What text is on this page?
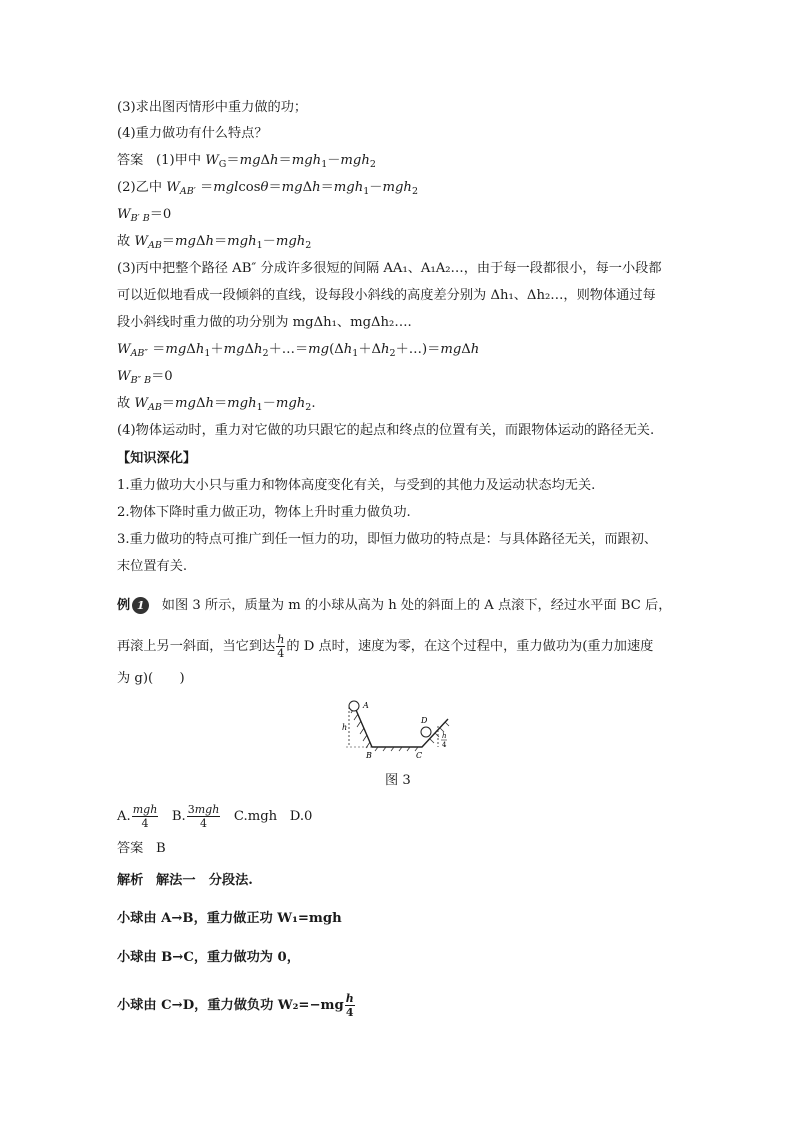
(3)求出图丙情形中重力做的功；
(4)重力做功有什么特点？
答案 (1)甲中 $W_G=mg\Delta h=mgh_1-mgh_2$
(2)乙中 $W_{AB'} =mglcos\theta=mg\Delta h=mgh_1-mgh_2$
$W_{B' B}=0$
故 $W_{AB}=mg\Delta h=mgh_1-mgh_2$
(3)丙中把整个路径 AB″ 分成许多很短的间隔 AA₁、A₁A₂…，由于每一段都很小，每一小段都
可以近似地看成一段倾斜的直线，设每段小斜线的高度差分别为 Δh₁、Δh₂…，则物体通过每
段小斜线时重力做的功分别为 mgΔh₁、mgΔh₂….
$W_{AB''}$ $=mg\Delta h_1+mg\Delta h_2+\dots=mg(\Delta h_1+\Delta h_2+\dots)=mg\Delta h$
$W_{B'' B}=0$
故 $W_{AB}=mg\Delta h=mgh_1-mgh_2$.
(4)物体运动时，重力对它做的功只跟它的起点和终点的位置有关，而跟物体运动的路径无关.
【知识深化】
1.重力做功大小只与重力和物体高度变化有关，与受到的其他力及运动状态均无关.
2.物体下降时重力做正功，物体上升时重力做负功.
3.重力做功的特点可推广到任一恒力的功，即恒力做功的特点是：与具体路径无关，而跟初、
末位置有关.
例 1 如图 3 所示，质量为 m 的小球从高为 h 处的斜面上的 A 点滚下，经过水平面 BC 后，
再滚上另一斜面，当它到达 $\frac{h}{4}$ 的 D 点时，速度为零，在这个过程中，重力做功为(重力加速度
为 g)(　　)
A
h
B	C
D
h
4
图 3
A. $\frac{\text{mgh}}{4} B$. $\frac{\text{3mgh}}{4} C.mgh$ D.0
答案 B
解析 解法一　分段法.
小球由 A→B，重力做正功 W₁=mgh
小球由 B→C，重力做功为 0，
小球由 C→D，重力做负功 $W_2=-mg \frac{h}{4}$
